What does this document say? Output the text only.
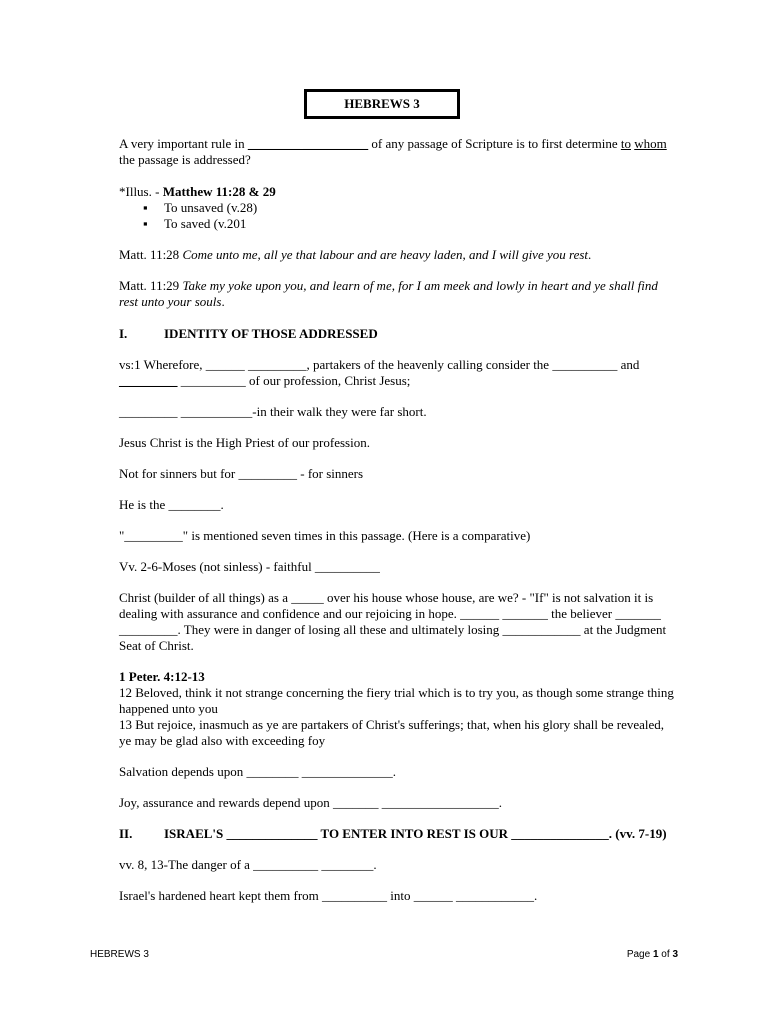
HEBREWS 3

A very important rule in ________ __________ of any passage of Scripture is to first determine to whom the passage is addressed?

*Illus. - Matthew 11:28 & 29

▪ To unsaved (v.28)
▪ To saved (v.201

Matt. 11:28 Come unto me, all ye that labour and are heavy laden, and I will give you rest.

Matt. 11:29 Take my yoke upon you, and learn of me, for I am meek and lowly in heart and ye shall find rest unto your souls.

I.	IDENTITY OF THOSE ADDRESSED

vs:1 Wherefore, ______ _________, partakers of the heavenly calling consider the __________ and _________ __________ of our profession, Christ Jesus;

_________ ___________-in their walk they were far short.

Jesus Christ is the High Priest of our profession.

Not for sinners but for _________ - for sinners

He is the ________.

"_________" is mentioned seven times in this passage. (Here is a comparative)

Vv. 2-6-Moses (not sinless) - faithful __________

Christ (builder of all things) as a _____ over his house whose house, are we? - "If" is not salvation it is dealing with assurance and confidence and our rejoicing in hope. ______ _______ the believer _______ _________. They were in danger of losing all these and ultimately losing ____________ at the Judgment Seat of Christ.

1 Peter. 4:12-13

12 Beloved, think it not strange concerning the fiery trial which is to try you, as though some strange thing happened unto you

13 But rejoice, inasmuch as ye are partakers of Christ's sufferings; that, when his glory shall be revealed, ye may be glad also with exceeding foy

Salvation depends upon ________ ______________.

Joy, assurance and rewards depend upon _______ __________________.

II.	ISRAEL'S ______________ TO ENTER INTO REST IS OUR _______________. (vv. 7-19)

vv. 8, 13-The danger of a __________ ________.

Israel's hardened heart kept them from __________ into ______ ____________.

HEBREWS 3	Page 1 of 3
